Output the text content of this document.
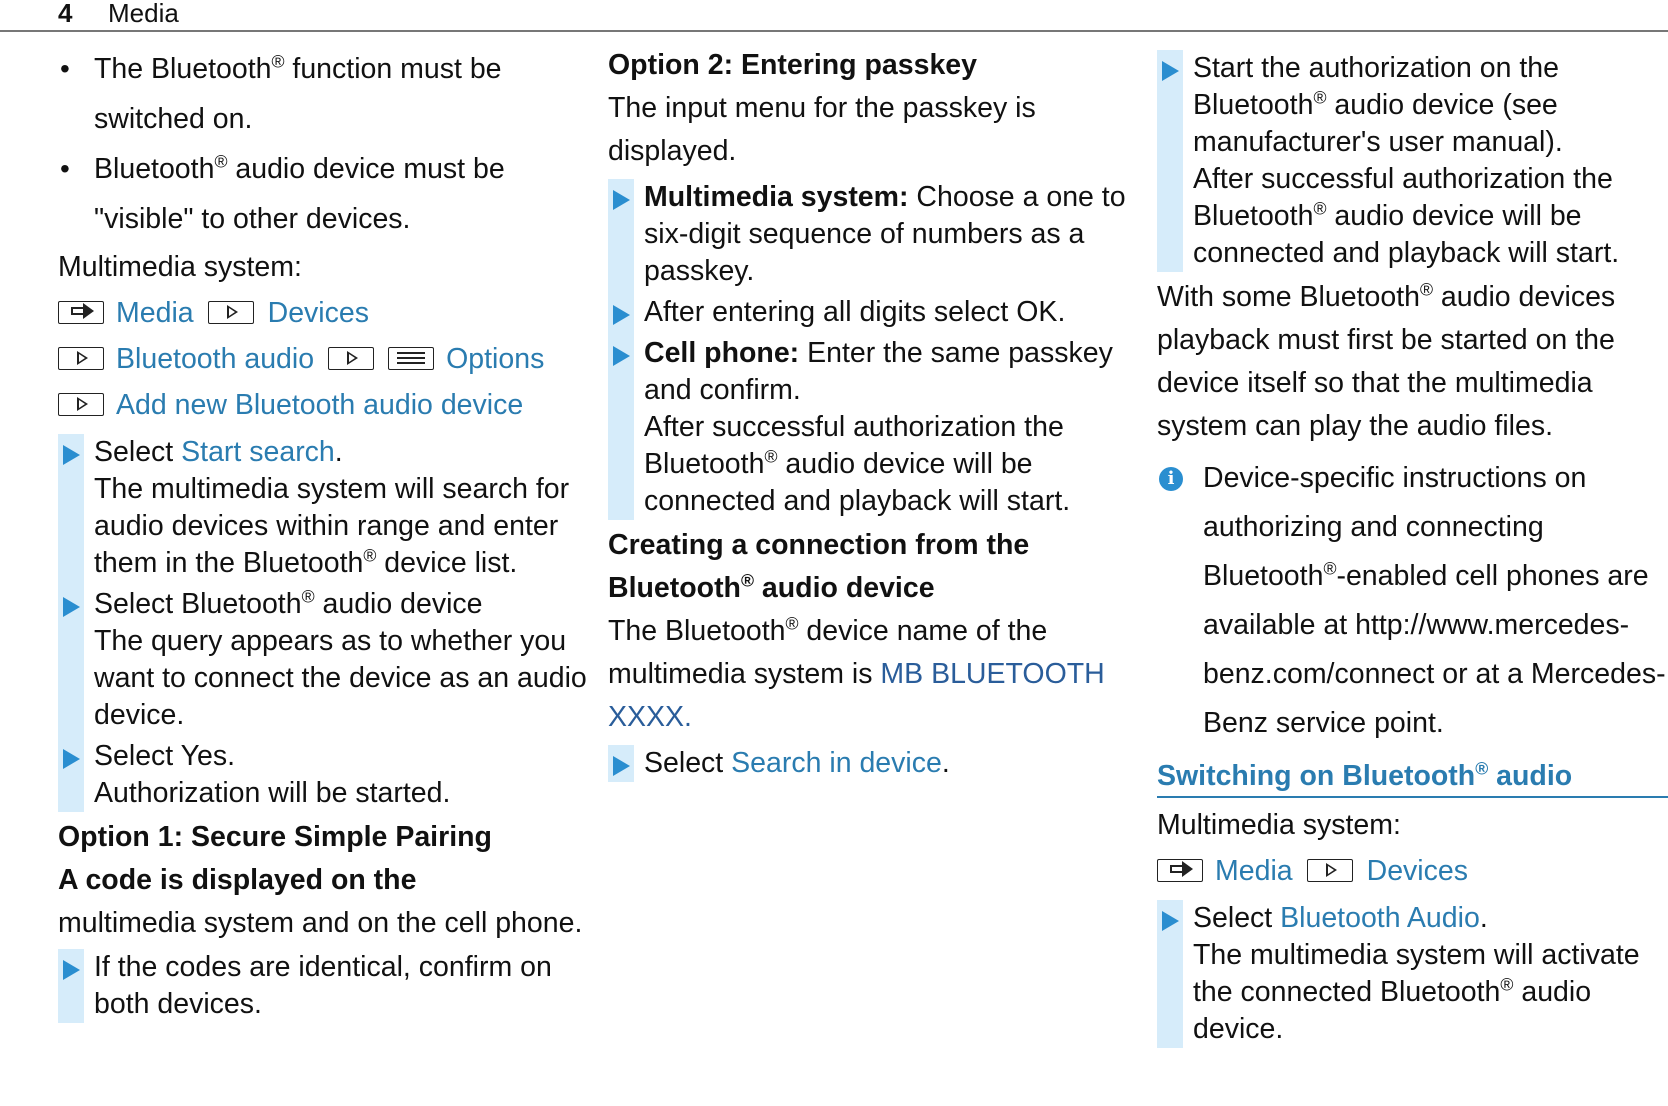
4 Media
• The Bluetooth® function must be switched on.
• Bluetooth® audio device must be "visible" to other devices.
Multimedia system:
Media	Devices
Bluetooth audio	Options
Add new Bluetooth audio device
Select Start search.
The multimedia system will search for audio devices within range and enter them in the Bluetooth® device list.
Select Bluetooth® audio device
The query appears as to whether you want to connect the device as an audio device.
Select Yes.
Authorization will be started.
Option 1: Secure Simple Pairing
A code is displayed on the
multimedia system and on the cell phone.
If the codes are identical, confirm on both devices.
Option 2: Entering passkey
The input menu for the passkey is displayed.
Multimedia system: Choose a one to six-digit sequence of numbers as a passkey.
After entering all digits select OK.
Cell phone: Enter the same passkey and confirm.
After successful authorization the Bluetooth® audio device will be connected and playback will start.
Creating a connection from the
Bluetooth® audio device
The Bluetooth® device name of the multimedia system is MB BLUETOOTH XXXX.
Select Search in device.
Start the authorization on the Bluetooth® audio device (see manufacturer's user manual).
After successful authorization the Bluetooth® audio device will be connected and playback will start.
With some Bluetooth® audio devices playback must first be started on the device itself so that the multimedia system can play the audio files.
i	Device-specific instructions on authorizing and connecting Bluetooth®-enabled cell phones are available at http://www.mercedes-benz.com/connect or at a Mercedes-Benz service point.
Switching on Bluetooth® audio
Multimedia system:
Media	Devices
Select Bluetooth Audio.
The multimedia system will activate the connected Bluetooth® audio device.
